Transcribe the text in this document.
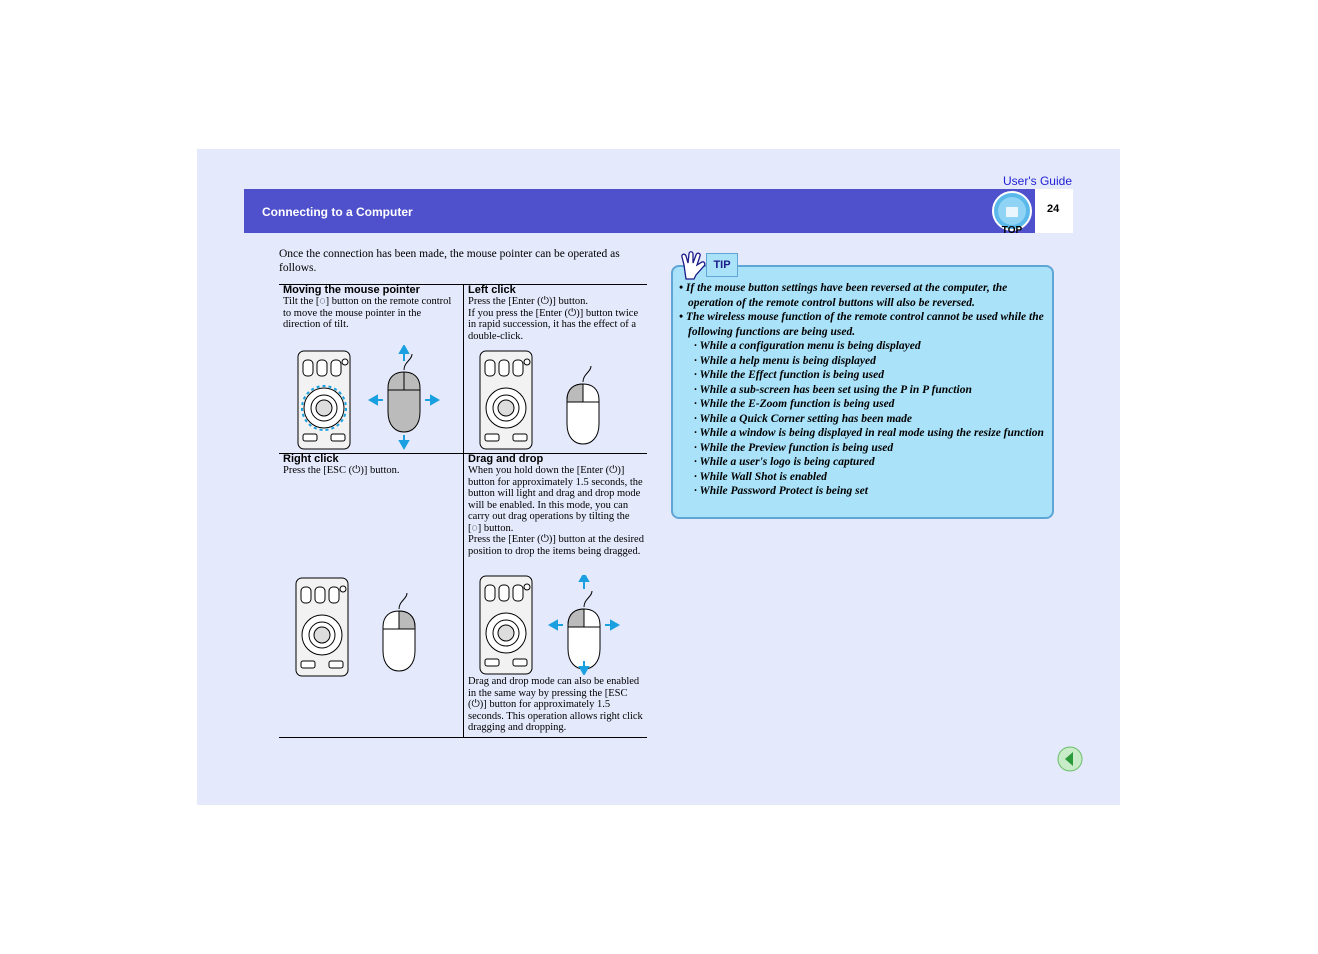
User's Guide
Connecting to a Computer	24
TOP
Once the connection has been made, the mouse pointer can be operated as follows.
Moving the mouse pointer

Tilt the [◌] button on the remote control to move the mouse pointer in the direction of tilt.

Left click

Press the [Enter (⏻)] button.

If you press the [Enter (⏻)] button twice in rapid succession, it has the effect of a double-click.

Right click

Press the [ESC (⏻)] button.

Drag and drop

When you hold down the [Enter (⏻)] button for approximately 1.5 seconds, the button will light and drag and drop mode will be enabled. In this mode, you can carry out drag operations by tilting the [◌] button.

Press the [Enter (⏻)] button at the desired position to drop the items being dragged.

Drag and drop mode can also be enabled in the same way by pressing the [ESC (⏻)] button for approximately 1.5 seconds. This operation allows right click dragging and dropping.

• If the mouse button settings have been reversed at the computer, the operation of the remote control buttons will also be reversed.
• The wireless mouse function of the remote control cannot be used while the following functions are being used.
· While a configuration menu is being displayed
· While a help menu is being displayed
· While the Effect function is being used
· While a sub-screen has been set using the P in P function
· While the E-Zoom function is being used
· While a Quick Corner setting has been made
· While a window is being displayed in real mode using the resize function
· While the Preview function is being used
· While a user's logo is being captured
· While Wall Shot is enabled
· While Password Protect is being set
TIP
